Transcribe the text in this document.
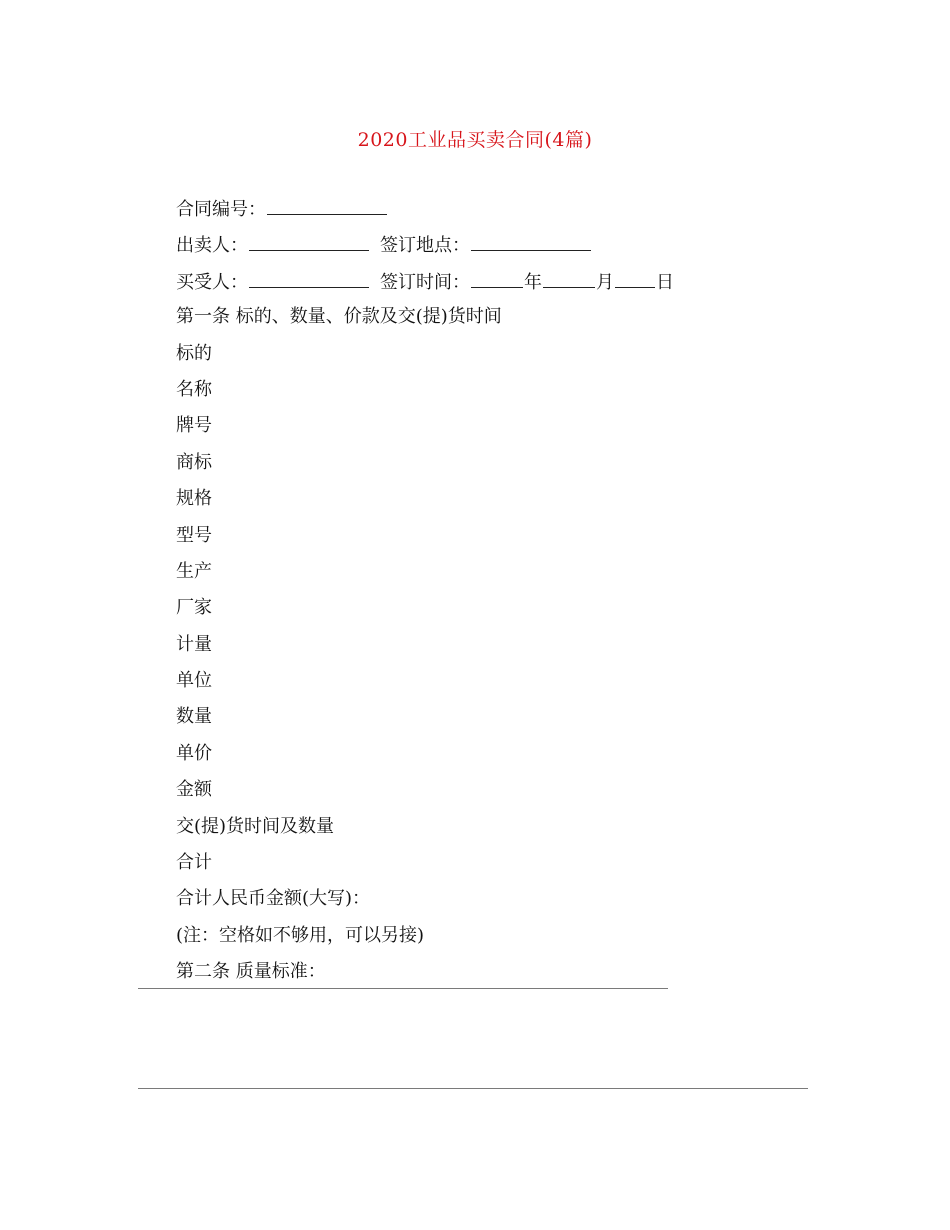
2020工业品买卖合同(4篇)
合同编号：
出卖人：	签订地点：
买受人：	签订时间：	年	月 日
第一条 标的、数量、价款及交(提)货时间
标的
名称
牌号
商标
规格
型号
生产
厂家
计量
单位
数量
单价
金额
交(提)货时间及数量
合计
合计人民币金额(大写)：
(注：空格如不够用，可以另接)
第二条 质量标准：
